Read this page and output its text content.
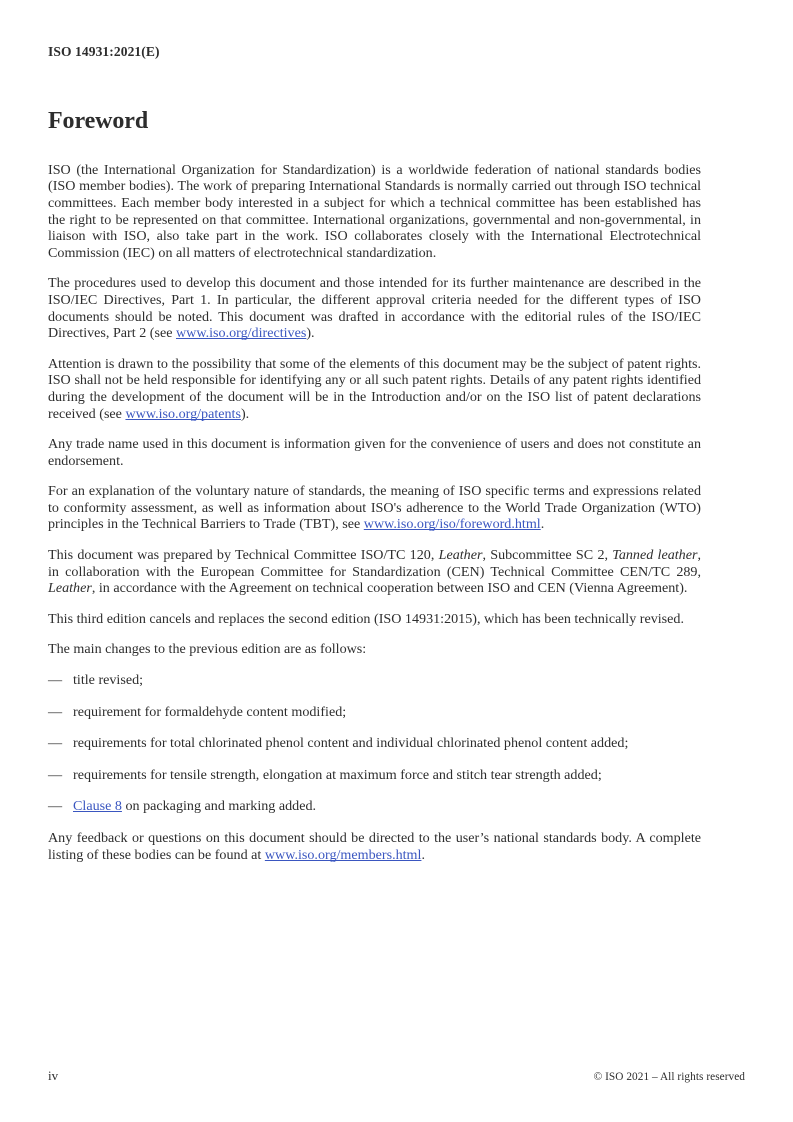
ISO 14931:2021(E)
Foreword

ISO (the International Organization for Standardization) is a worldwide federation of national standards bodies (ISO member bodies). The work of preparing International Standards is normally carried out through ISO technical committees. Each member body interested in a subject for which a technical committee has been established has the right to be represented on that committee. International organizations, governmental and non-governmental, in liaison with ISO, also take part in the work. ISO collaborates closely with the International Electrotechnical Commission (IEC) on all matters of electrotechnical standardization.

The procedures used to develop this document and those intended for its further maintenance are described in the ISO/IEC Directives, Part 1. In particular, the different approval criteria needed for the different types of ISO documents should be noted. This document was drafted in accordance with the editorial rules of the ISO/IEC Directives, Part 2 (see www.iso.org/directives).

Attention is drawn to the possibility that some of the elements of this document may be the subject of patent rights. ISO shall not be held responsible for identifying any or all such patent rights. Details of any patent rights identified during the development of the document will be in the Introduction and/or on the ISO list of patent declarations received (see www.iso.org/patents).

Any trade name used in this document is information given for the convenience of users and does not constitute an endorsement.

For an explanation of the voluntary nature of standards, the meaning of ISO specific terms and expressions related to conformity assessment, as well as information about ISO's adherence to the World Trade Organization (WTO) principles in the Technical Barriers to Trade (TBT), see www.iso.org/iso/foreword.html.

This document was prepared by Technical Committee ISO/TC 120, Leather, Subcommittee SC 2, Tanned leather, in collaboration with the European Committee for Standardization (CEN) Technical Committee CEN/TC 289, Leather, in accordance with the Agreement on technical cooperation between ISO and CEN (Vienna Agreement).

This third edition cancels and replaces the second edition (ISO 14931:2015), which has been technically revised.

The main changes to the previous edition are as follows:

— title revised;
— requirement for formaldehyde content modified;
— requirements for total chlorinated phenol content and individual chlorinated phenol content added;
— requirements for tensile strength, elongation at maximum force and stitch tear strength added;
— Clause 8 on packaging and marking added.

Any feedback or questions on this document should be directed to the user’s national standards body. A complete listing of these bodies can be found at www.iso.org/members.html.

iv	© ISO 2021 – All rights reserved
